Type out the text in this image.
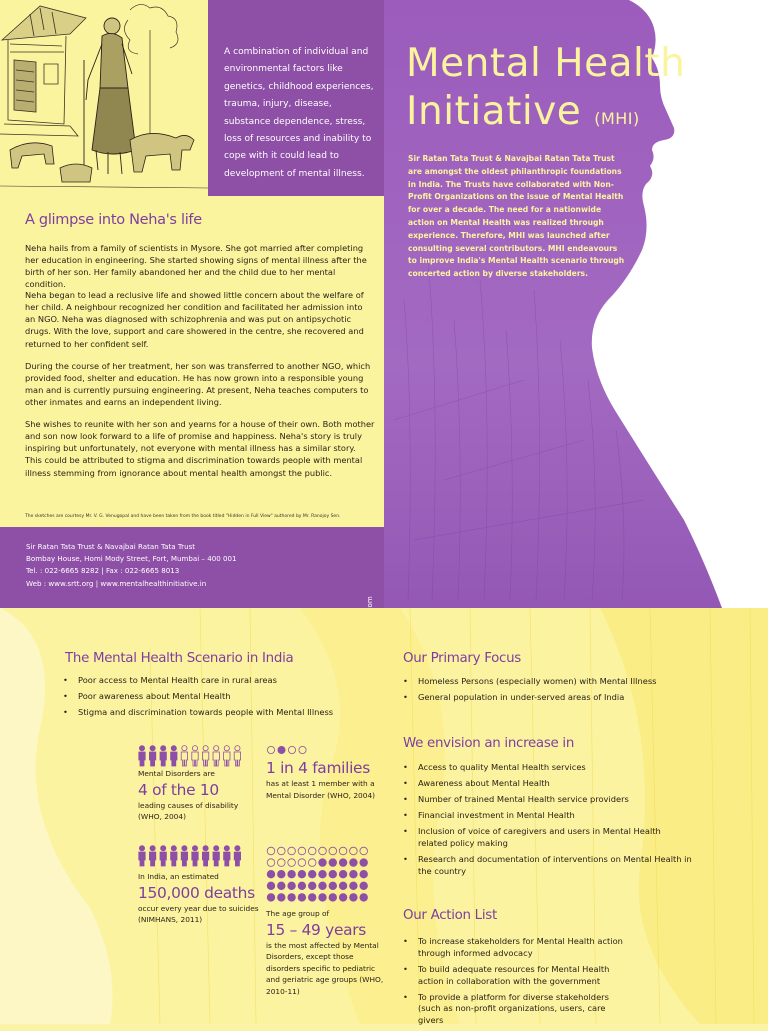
A combination of individual and environmental factors like genetics, childhood experiences, trauma, injury, disease, substance dependence, stress, loss of resources and inability to cope with it could lead to development of mental illness.

A glimpse into Neha's life

Neha hails from a family of scientists in Mysore. She got married after completing her education in engineering. She started showing signs of mental illness after the birth of her son. Her family abandoned her and the child due to her mental condition.

Neha began to lead a reclusive life and showed little concern about the welfare of her child. A neighbour recognized her condition and facilitated her admission into an NGO. Neha was diagnosed with schizophrenia and was put on antipsychotic drugs. With the love, support and care showered in the centre, she recovered and returned to her confident self.

During the course of her treatment, her son was transferred to another NGO, which provided food, shelter and education. He has now grown into a responsible young man and is currently pursuing engineering. At present, Neha teaches computers to other inmates and earns an independent living.

She wishes to reunite with her son and yearns for a house of their own. Both mother and son now look forward to a life of promise and happiness. Neha's story is truly inspiring but unfortunately, not everyone with mental illness has a similar story. This could be attributed to stigma and discrimination towards people with mental illness stemming from ignorance about mental health amongst the public.

The sketches are courtesy Mr. V. G. Venugopal and have been taken from the book titled "Hidden in Full View" authored by Mr. Ranojoy Sen.
Sir Ratan Tata Trust & Navajbai Ratan Tata Trust
Bombay House, Homi Mody Street, Fort, Mumbai – 400 001
Tel. : 022-6665 8282 | Fax : 022-6665 8013
Web : www.srtt.org | www.mentalhealthinitiative.in
Mental Health
Initiative (MHI)

Sir Ratan Tata Trust & Navajbai Ratan Tata Trust are amongst the oldest philanthropic foundations in India. The Trusts have collaborated with Non-Profit Organizations on the issue of Mental Health for over a decade. The need for a nationwide action on Mental Health was realized through experience. Therefore, MHI was launched after consulting several contributors. MHI endeavours to improve India's Mental Health scenario through concerted action by diverse stakeholders.

The Mental Health Scenario in India
• Poor access to Mental Health care in rural areas
• Poor awareness about Mental Health
• Stigma and discrimination towards people with Mental Illness
Mental Disorders are
4 of the 10
leading causes of disability (WHO, 2004)
1 in 4 families
has at least 1 member with a Mental Disorder (WHO, 2004)
In India, an estimated
150,000 deaths
occur every year due to suicides (NIMHANS, 2011)
The age group of
15 – 49 years
is the most affected by Mental Disorders, except those disorders specific to pediatric and geriatric age groups (WHO, 2010-11)
Our Primary Focus
• Homeless Persons (especially women) with Mental Illness
• General population in under-served areas of India
We envision an increase in
• Access to quality Mental Health services
• Awareness about Mental Health
• Number of trained Mental Health service providers
• Financial investment in Mental Health
• Inclusion of voice of caregivers and users in Mental Health related policy making
• Research and documentation of interventions on Mental Health in the country
Our Action List
• To increase stakeholders for Mental Health action through informed advocacy
• To build adequate resources for Mental Health action in collaboration with the government
• To provide a platform for diverse stakeholders (such as non-profit organizations, users, care givers
